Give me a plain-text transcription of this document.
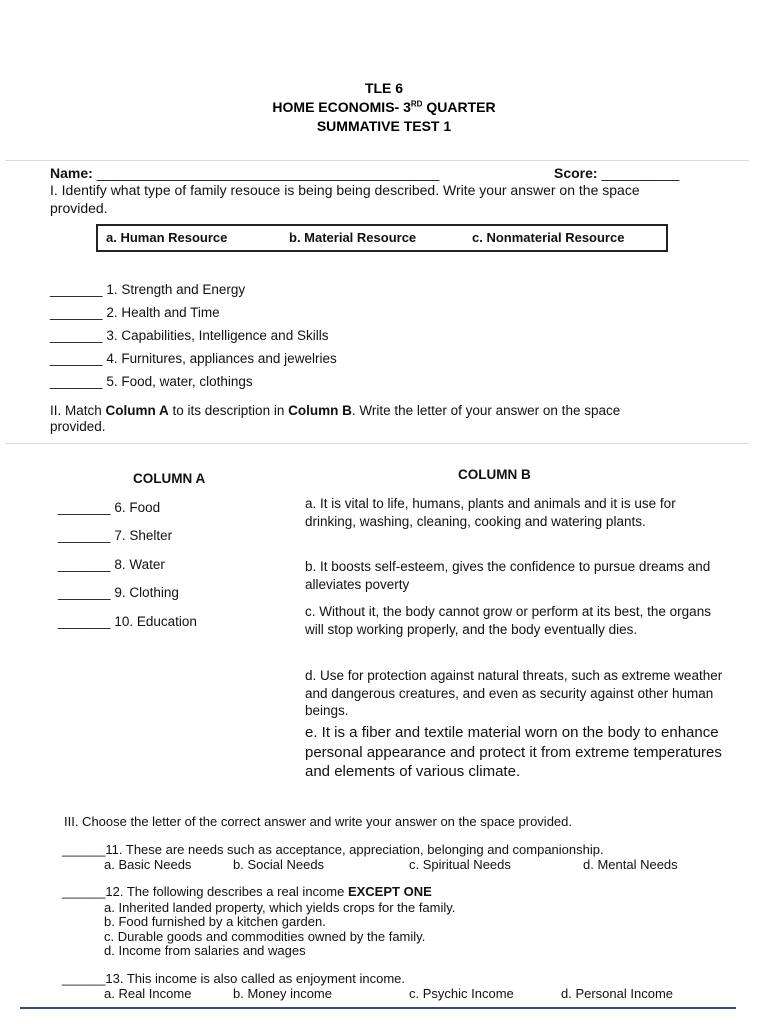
TLE 6
HOME ECONOMIS- 3RD QUARTER
SUMMATIVE TEST 1
Name: ____________________________________________	Score: __________
I. Identify what type of family resouce is being being described. Write your answer on the space
provided.
a. Human Resource	b. Material Resource	c. Nonmaterial Resource
_______ 1. Strength and Energy
_______ 2. Health and Time
_______ 3. Capabilities, Intelligence and Skills
_______ 4. Furnitures, appliances and jewelries
_______ 5. Food, water, clothings
II. Match Column A to its description in Column B. Write the letter of your answer on the space
provided.
COLUMN A	COLUMN B
_______ 6. Food
_______ 7. Shelter
_______ 8. Water
_______ 9. Clothing
_______ 10. Education
a. It is vital to life, humans, plants and animals and it is use for drinking, washing, cleaning, cooking and watering plants.
b. It boosts self-esteem, gives the confidence to pursue dreams and alleviates poverty
c. Without it, the body cannot grow or perform at its best, the organs will stop working properly, and the body eventually dies.
d. Use for protection against natural threats, such as extreme weather and dangerous creatures, and even as security against other human beings.
e. It is a fiber and textile material worn on the body to enhance personal appearance and protect it from extreme temperatures and elements of various climate.
III. Choose the letter of the correct answer and write your answer on the space provided.
______11. These are needs such as acceptance, appreciation, belonging and companionship.
a. Basic Needs	b. Social Needs	c. Spiritual Needs	d. Mental Needs
______12. The following describes a real income EXCEPT ONE
a. Inherited landed property, which yields crops for the family.
b. Food furnished by a kitchen garden.
c. Durable goods and commodities owned by the family.
d. Income from salaries and wages
______13. This income is also called as enjoyment income.
a. Real Income	b. Money income	c. Psychic Income	d. Personal Income
